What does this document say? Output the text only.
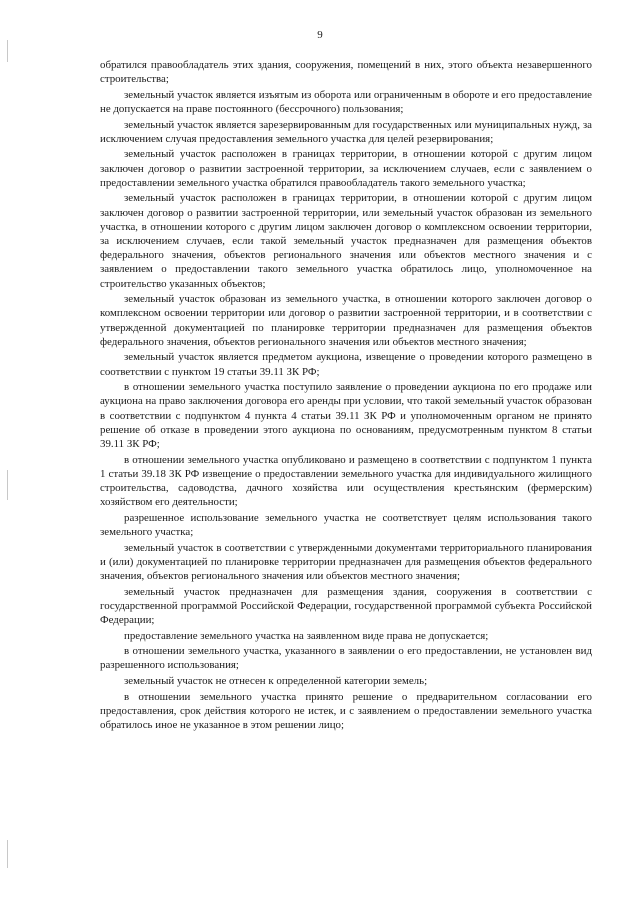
9

обратился правообладатель этих здания, сооружения, помещений в них, этого объекта незавершенного строительства;

земельный участок является изъятым из оборота или ограниченным в обороте и его предоставление не допускается на праве постоянного (бессрочного) пользования;

земельный участок является зарезервированным для государственных или муниципальных нужд, за исключением случая предоставления земельного участка для целей резервирования;

земельный участок расположен в границах территории, в отношении которой с другим лицом заключен договор о развитии застроенной территории, за исключением случаев, если с заявлением о предоставлении земельного участка обратился правообладатель такого земельного участка;

земельный участок расположен в границах территории, в отношении которой с другим лицом заключен договор о развитии застроенной территории, или земельный участок образован из земельного участка, в отношении которого с другим лицом заключен договор о комплексном освоении территории, за исключением случаев, если такой земельный участок предназначен для размещения объектов федерального значения, объектов регионального значения или объектов местного значения и с заявлением о предоставлении такого земельного участка обратилось лицо, уполномоченное на строительство указанных объектов;

земельный участок образован из земельного участка, в отношении которого заключен договор о комплексном освоении территории или договор о развитии застроенной территории, и в соответствии с утвержденной документацией по планировке территории предназначен для размещения объектов федерального значения, объектов регионального значения или объектов местного значения;

земельный участок является предметом аукциона, извещение о проведении которого размещено в соответствии с пунктом 19 статьи 39.11 ЗК РФ;

в отношении земельного участка поступило заявление о проведении аукциона по его продаже или аукциона на право заключения договора его аренды при условии, что такой земельный участок образован в соответствии с подпунктом 4 пункта 4 статьи 39.11 ЗК РФ и уполномоченным органом не принято решение об отказе в проведении этого аукциона по основаниям, предусмотренным пунктом 8 статьи 39.11 ЗК РФ;

в отношении земельного участка опубликовано и размещено в соответствии с подпунктом 1 пункта 1 статьи 39.18 ЗК РФ извещение о предоставлении земельного участка для индивидуального жилищного строительства, садоводства, дачного хозяйства или осуществления крестьянским (фермерским) хозяйством его деятельности;

разрешенное использование земельного участка не соответствует целям использования такого земельного участка;

земельный участок в соответствии с утвержденными документами территориального планирования и (или) документацией по планировке территории предназначен для размещения объектов федерального значения, объектов регионального значения или объектов местного значения;

земельный участок предназначен для размещения здания, сооружения в соответствии с государственной программой Российской Федерации, государственной программой субъекта Российской Федерации;

предоставление земельного участка на заявленном виде права не допускается;

в отношении земельного участка, указанного в заявлении о его предоставлении, не установлен вид разрешенного использования;

земельный участок не отнесен к определенной категории земель;

в отношении земельного участка принято решение о предварительном согласовании его предоставления, срок действия которого не истек, и с заявлением о предоставлении земельного участка обратилось иное не указанное в этом решении лицо;
